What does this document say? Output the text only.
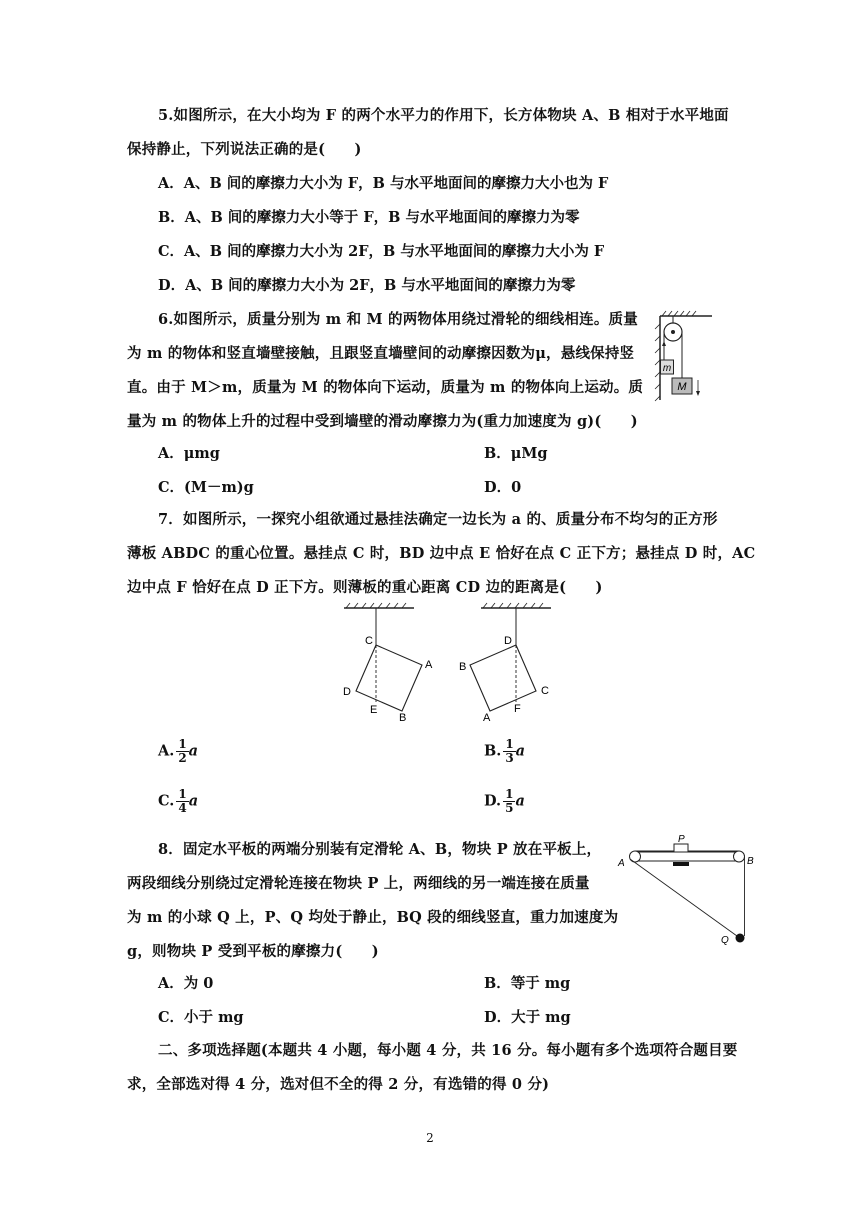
5.如图所示，在大小均为 F 的两个水平力的作用下，长方体物块 A、B 相对于水平地面
保持静止，下列说法正确的是(　　)
A．A、B 间的摩擦力大小为 F，B 与水平地面间的摩擦力大小也为 F
B．A、B 间的摩擦力大小等于 F，B 与水平地面间的摩擦力为零
C．A、B 间的摩擦力大小为 2F，B 与水平地面间的摩擦力大小为 F
D．A、B 间的摩擦力大小为 2F，B 与水平地面间的摩擦力为零
6.如图所示，质量分别为 m 和 M 的两物体用绕过滑轮的细线相连。质量
为 m 的物体和竖直墙壁接触，且跟竖直墙壁间的动摩擦因数为μ，悬线保持竖
直。由于 M＞m，质量为 M 的物体向下运动，质量为 m 的物体向上运动。质
量为 m 的物体上升的过程中受到墙壁的滑动摩擦力为(重力加速度为 g)(　　)
m
M
A．μmg	B．μMg
C．(M－m)g	D．0
7．如图所示，一探究小组欲通过悬挂法确定一边长为 a 的、质量分布不均匀的正方形
薄板 ABDC 的重心位置。悬挂点 C 时，BD 边中点 E 恰好在点 C 正下方；悬挂点 D 时，AC
边中点 F 恰好在点 D 正下方。则薄板的重心距离 CD 边的距离是(　　)
C
A
D
E
B
D
B
C
A
F
A. $\frac{1}{2}$ a	B. $\frac{1}{3}$ a
C. $\frac{1}{4}$ a	D. $\frac{1}{5}$ a
8．固定水平板的两端分别装有定滑轮 A、B，物块 P 放在平板上，
两段细线分别绕过定滑轮连接在物块 P 上，两细线的另一端连接在质量
为 m 的小球 Q 上，P、Q 均处于静止，BQ 段的细线竖直，重力加速度为
g，则物块 P 受到平板的摩擦力(　　)
P
A	B
Q
A．为 0	B．等于 mg
C．小于 mg	D．大于 mg
二、多项选择题(本题共 4 小题，每小题 4 分，共 16 分。每小题有多个选项符合题目要
求，全部选对得 4 分，选对但不全的得 2 分，有选错的得 0 分)
2
